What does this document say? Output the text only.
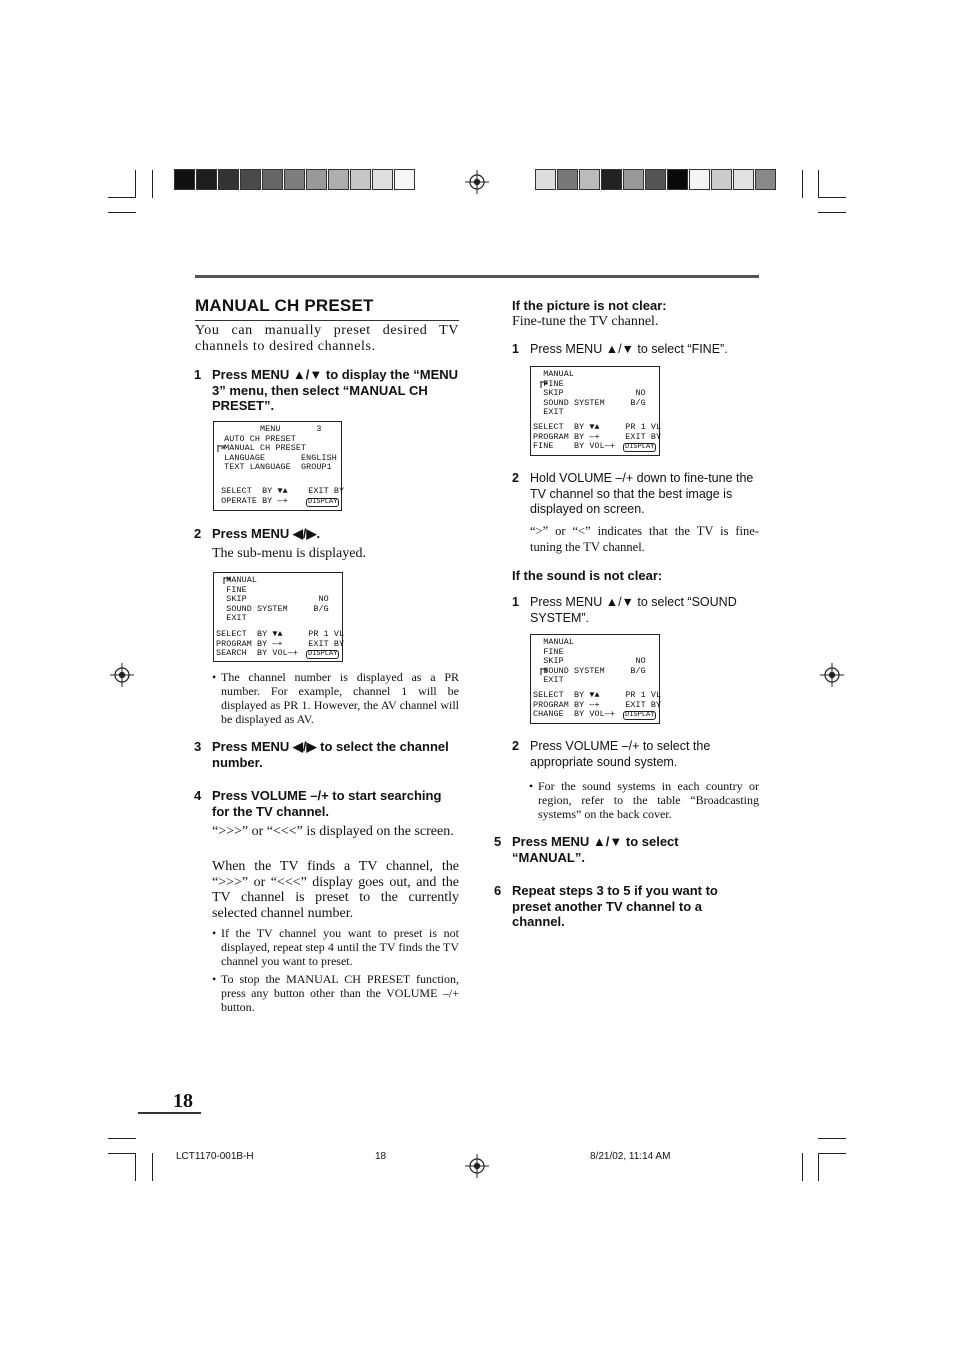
MANUAL CH PRESET

You can manually preset desired TV channels to desired channels.

1 Press MENU ▲/▼ to display the “MENU 3” menu, then select “MANUAL CH PRESET”.
MENU       3
AUTO CH PRESET
MANUAL CH PRESET
LANGUAGE       ENGLISH
TEXT LANGUAGE  GROUP1
SELECT  BY ▼▲    EXIT BY
OPERATE BY —+	DISPLAY
2 Press MENU ◀/▶.

The sub-menu is displayed.

MANUAL
FINE
SKIP              NO
SOUND SYSTEM     B/G
EXIT
SELECT  BY ▼▲     PR 1 VL
PROGRAM BY —+     EXIT BY
SEARCH  BY VOL—+ DISPLAY
• The channel number is displayed as a PR number. For example, channel 1 will be displayed as PR 1. However, the AV channel will be displayed as AV.
3 Press MENU ◀/▶ to select the channel number.
4 Press VOLUME –/+ to start searching for the TV channel.

“>>>” or “<<<” is displayed on the screen.

When the TV finds a TV channel, the “>>>” or “<<<” display goes out, and the TV channel is preset to the currently selected channel number.

• If the TV channel you want to preset is not displayed, repeat step 4 until the TV finds the TV channel you want to preset.
• To stop the MANUAL CH PRESET function, press any button other than the VOLUME –/+ button.

If the picture is not clear:

Fine-tune the TV channel.

1 Press MENU ▲/▼ to select “FINE”.
MANUAL
FINE
SKIP              NO
SOUND SYSTEM     B/G
EXIT
SELECT  BY ▼▲     PR 1 VL
PROGRAM BY —+     EXIT BY
FINE    BY VOL—+ DISPLAY
2 Hold VOLUME –/+ down to fine-tune the TV channel so that the best image is displayed on screen.

“>” or “<” indicates that the TV is fine-tuning the TV channel.

If the sound is not clear:

1 Press MENU ▲/▼ to select “SOUND SYSTEM”.
MANUAL
FINE
SKIP              NO
SOUND SYSTEM     B/G
EXIT
SELECT  BY ▼▲     PR 1 VL
PROGRAM BY —+     EXIT BY
CHANGE  BY VOL—+ DISPLAY
2 Press VOLUME –/+ to select the appropriate sound system.
• For the sound systems in each country or region, refer to the table “Broadcasting systems” on the back cover.
5 Press MENU ▲/▼ to select “MANUAL”.
6 Repeat steps 3 to 5 if you want to preset another TV channel to a channel.
18
LCT1170-001B-H	18	8/21/02, 11:14 AM
